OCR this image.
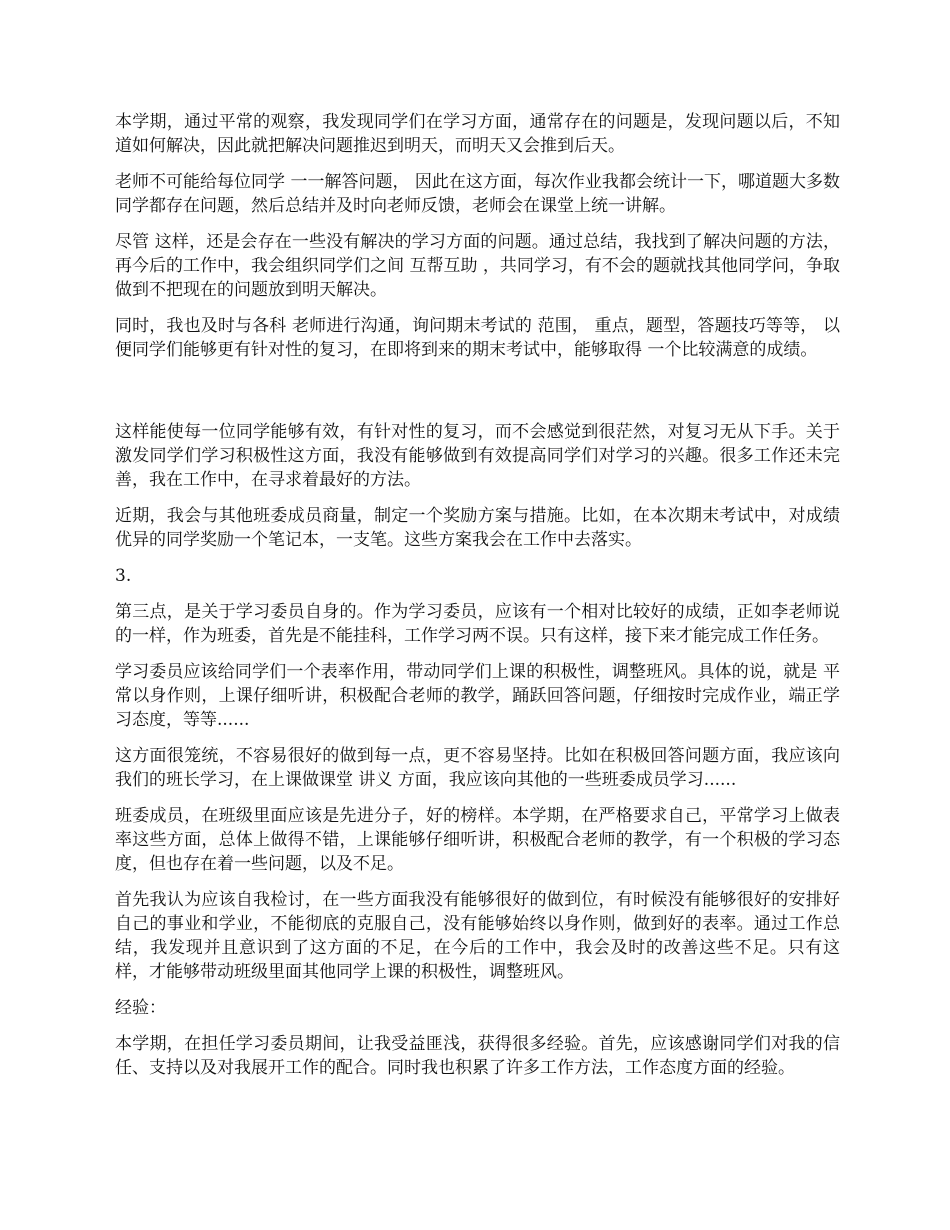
本学期，通过平常的观察，我发现同学们在学习方面，通常存在的问题是，发现问题以后，不知道如何解决，因此就把解决问题推迟到明天，而明天又会推到后天。

老师不可能给每位同学 一一解答问题， 因此在这方面，每次作业我都会统计一下，哪道题大多数同学都存在问题，然后总结并及时向老师反馈，老师会在课堂上统一讲解。

尽管 这样，还是会存在一些没有解决的学习方面的问题。通过总结，我找到了解决问题的方法，再今后的工作中，我会组织同学们之间 互帮互助 ，共同学习，有不会的题就找其他同学问，争取做到不把现在的问题放到明天解决。

同时，我也及时与各科 老师进行沟通，询问期末考试的 范围， 重点，题型，答题技巧等等， 以便同学们能够更有针对性的复习，在即将到来的期末考试中，能够取得 一个比较满意的成绩。

这样能使每一位同学能够有效，有针对性的复习，而不会感觉到很茫然，对复习无从下手。关于激发同学们学习积极性这方面，我没有能够做到有效提高同学们对学习的兴趣。很多工作还未完善，我在工作中，在寻求着最好的方法。

近期，我会与其他班委成员商量，制定一个奖励方案与措施。比如，在本次期末考试中，对成绩优异的同学奖励一个笔记本，一支笔。这些方案我会在工作中去落实。

3.

第三点，是关于学习委员自身的。作为学习委员，应该有一个相对比较好的成绩，正如李老师说的一样，作为班委，首先是不能挂科，工作学习两不误。只有这样，接下来才能完成工作任务。

学习委员应该给同学们一个表率作用，带动同学们上课的积极性，调整班风。具体的说，就是 平常以身作则，上课仔细听讲，积极配合老师的教学，踊跃回答问题，仔细按时完成作业，端正学习态度，等等......

这方面很笼统，不容易很好的做到每一点，更不容易坚持。比如在积极回答问题方面，我应该向我们的班长学习，在上课做课堂 讲义 方面，我应该向其他的一些班委成员学习......

班委成员，在班级里面应该是先进分子，好的榜样。本学期，在严格要求自己，平常学习上做表率这些方面，总体上做得不错，上课能够仔细听讲，积极配合老师的教学，有一个积极的学习态度，但也存在着一些问题，以及不足。

首先我认为应该自我检讨，在一些方面我没有能够很好的做到位，有时候没有能够很好的安排好自己的事业和学业，不能彻底的克服自己，没有能够始终以身作则，做到好的表率。通过工作总结，我发现并且意识到了这方面的不足，在今后的工作中，我会及时的改善这些不足。只有这样，才能够带动班级里面其他同学上课的积极性，调整班风。

经验：

本学期，在担任学习委员期间，让我受益匪浅，获得很多经验。首先，应该感谢同学们对我的信任、支持以及对我展开工作的配合。同时我也积累了许多工作方法，工作态度方面的经验。
